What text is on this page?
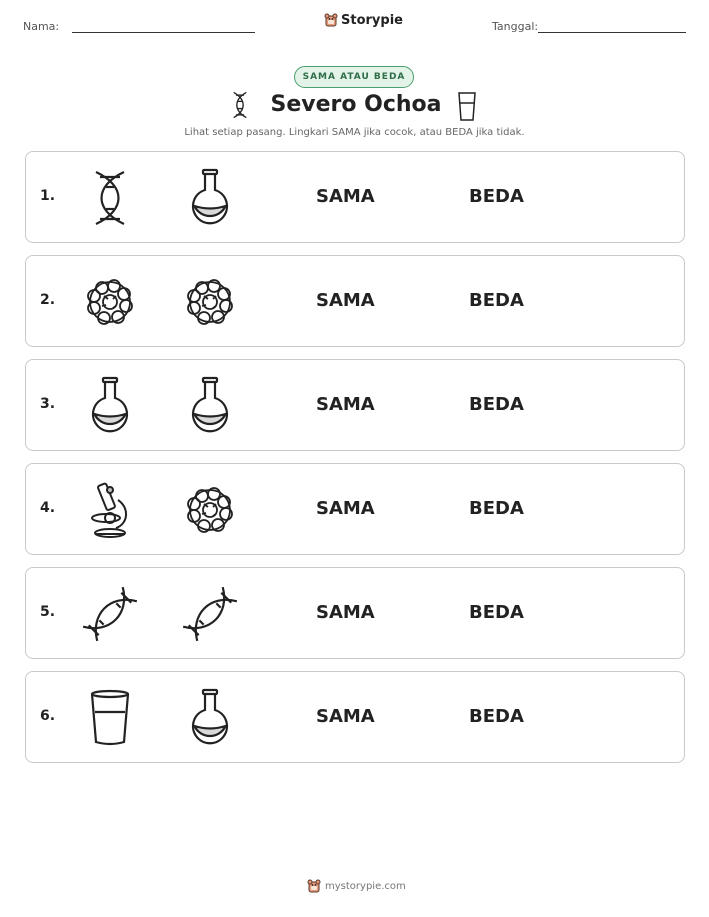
Nama:	Storypie	Tanggal:
SAMA ATAU BEDA
Severo Ochoa
Lihat setiap pasang. Lingkari SAMA jika cocok, atau BEDA jika tidak.
1.	SAMA	BEDA
2.	SAMA	BEDA
3.	SAMA	BEDA
4.	SAMA	BEDA
5.	SAMA	BEDA
6.	SAMA	BEDA
mystorypie.com
